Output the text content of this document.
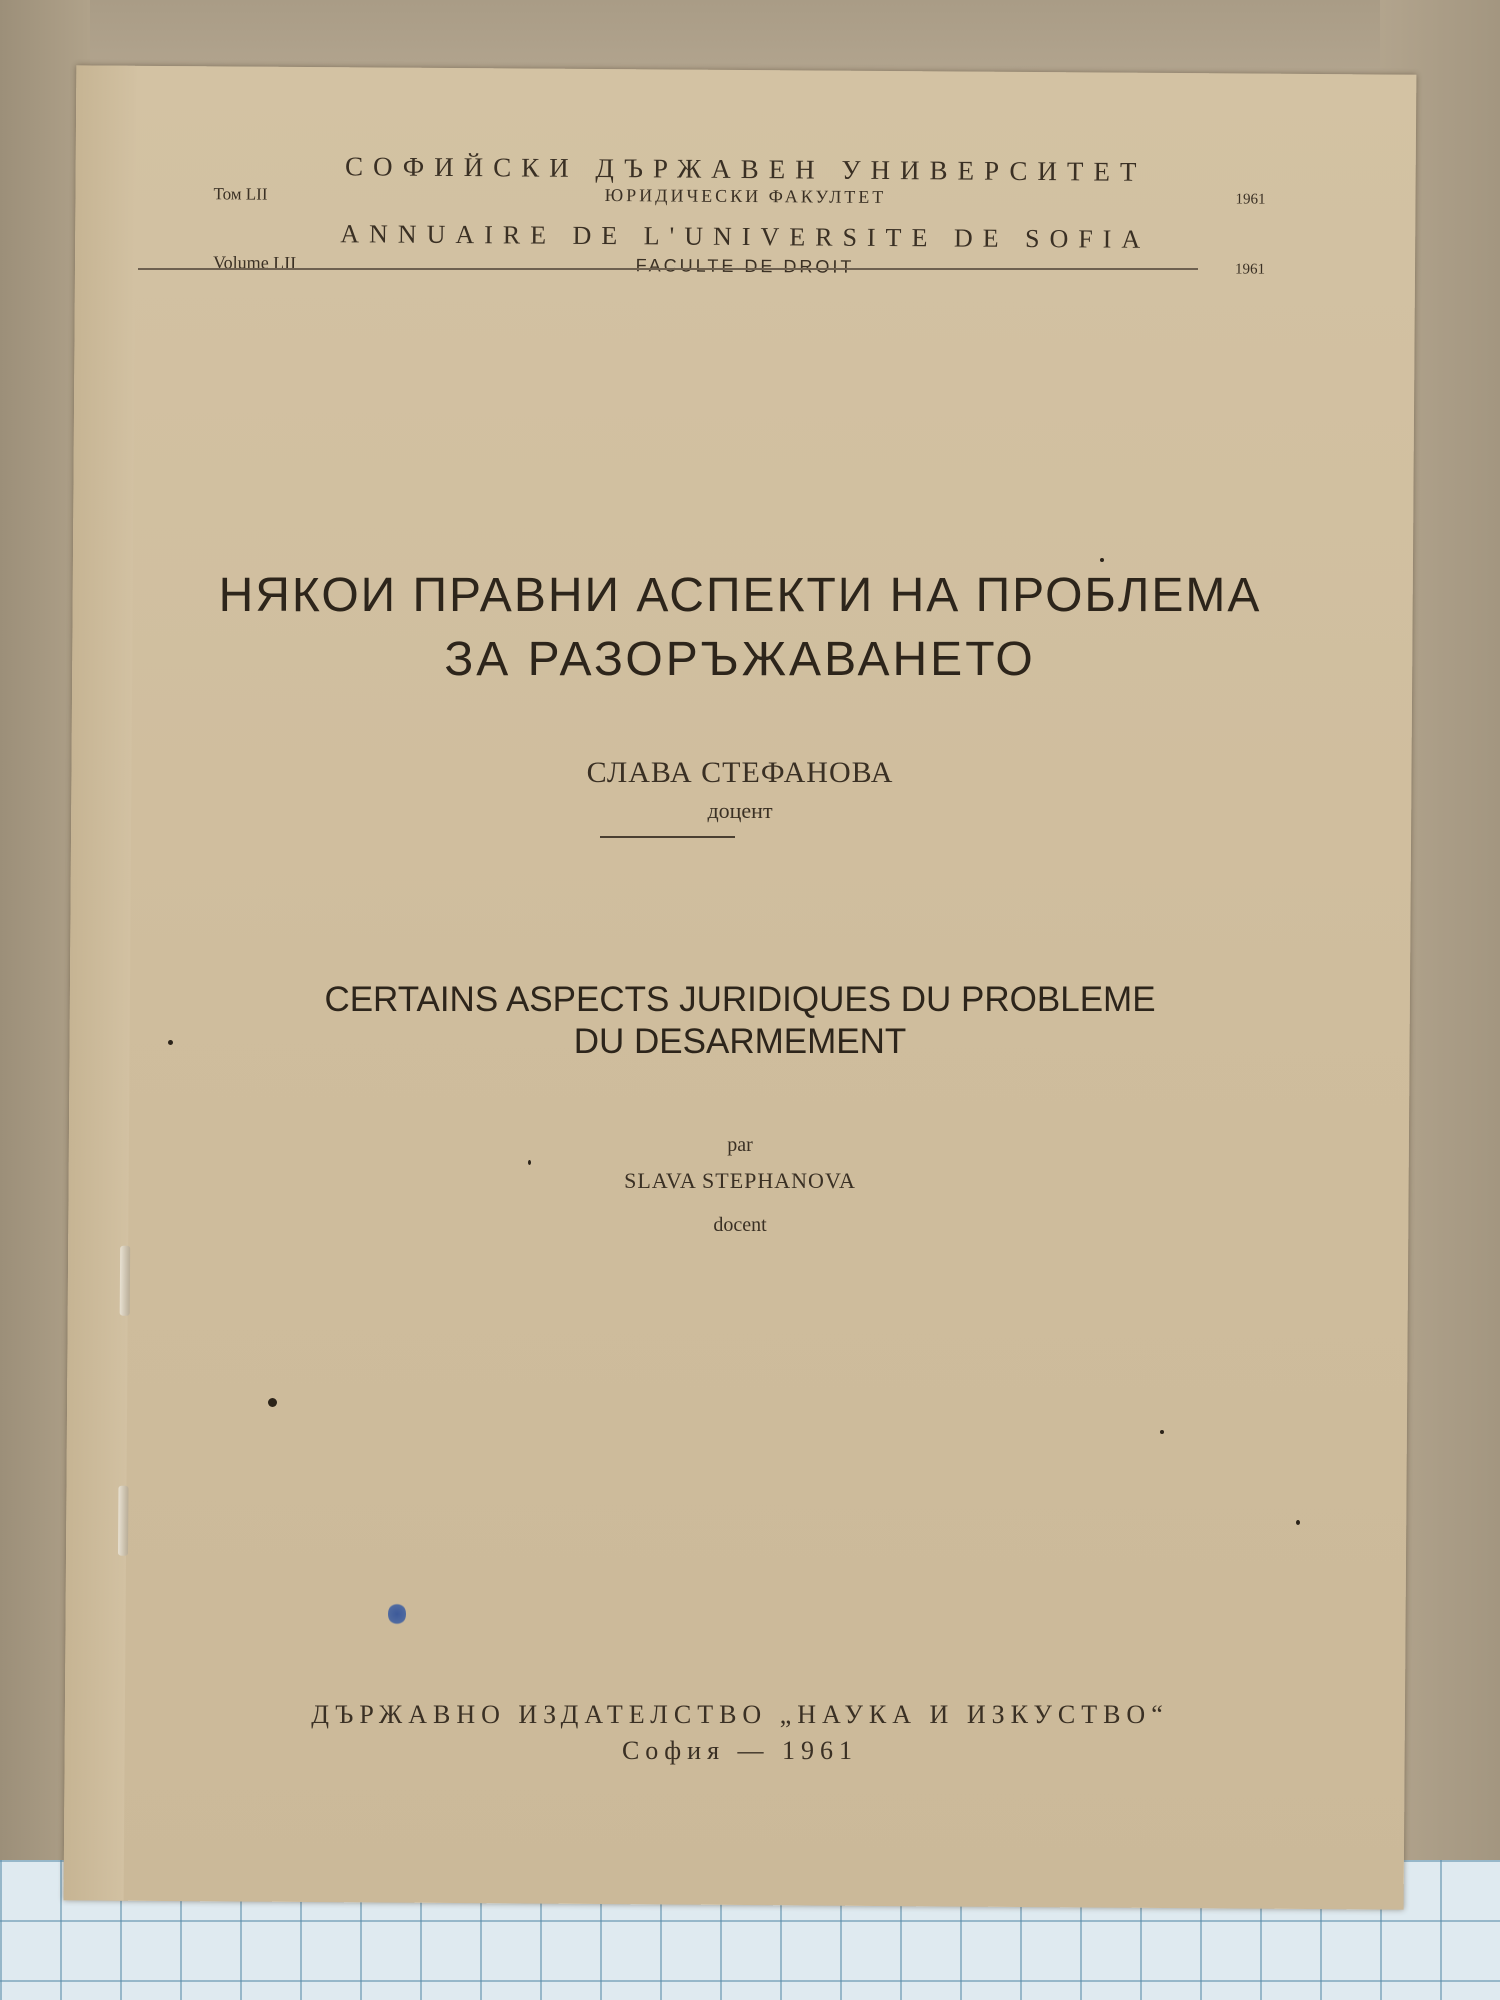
СОФИЙСКИ ДЪРЖАВЕН УНИВЕРСИТЕТ
Том LII	ЮРИДИЧЕСКИ ФАКУЛТЕТ	1961
ANNUAIRE DE L'UNIVERSITE DE SOFIA
Volume LII	FACULTE DE DROIT	1961
НЯКОИ ПРАВНИ АСПЕКТИ НА ПРОБЛЕМА
ЗА РАЗОРЪЖАВАНЕТО
СЛАВА СТЕФАНОВА
доцент
CERTAINS ASPECTS JURIDIQUES DU PROBLEME
DU DESARMEMENT
par
SLAVA STEPHANOVA
docent
ДЪРЖАВНО ИЗДАТЕЛСТВО „НАУКА И ИЗКУСТВО“
София — 1961
